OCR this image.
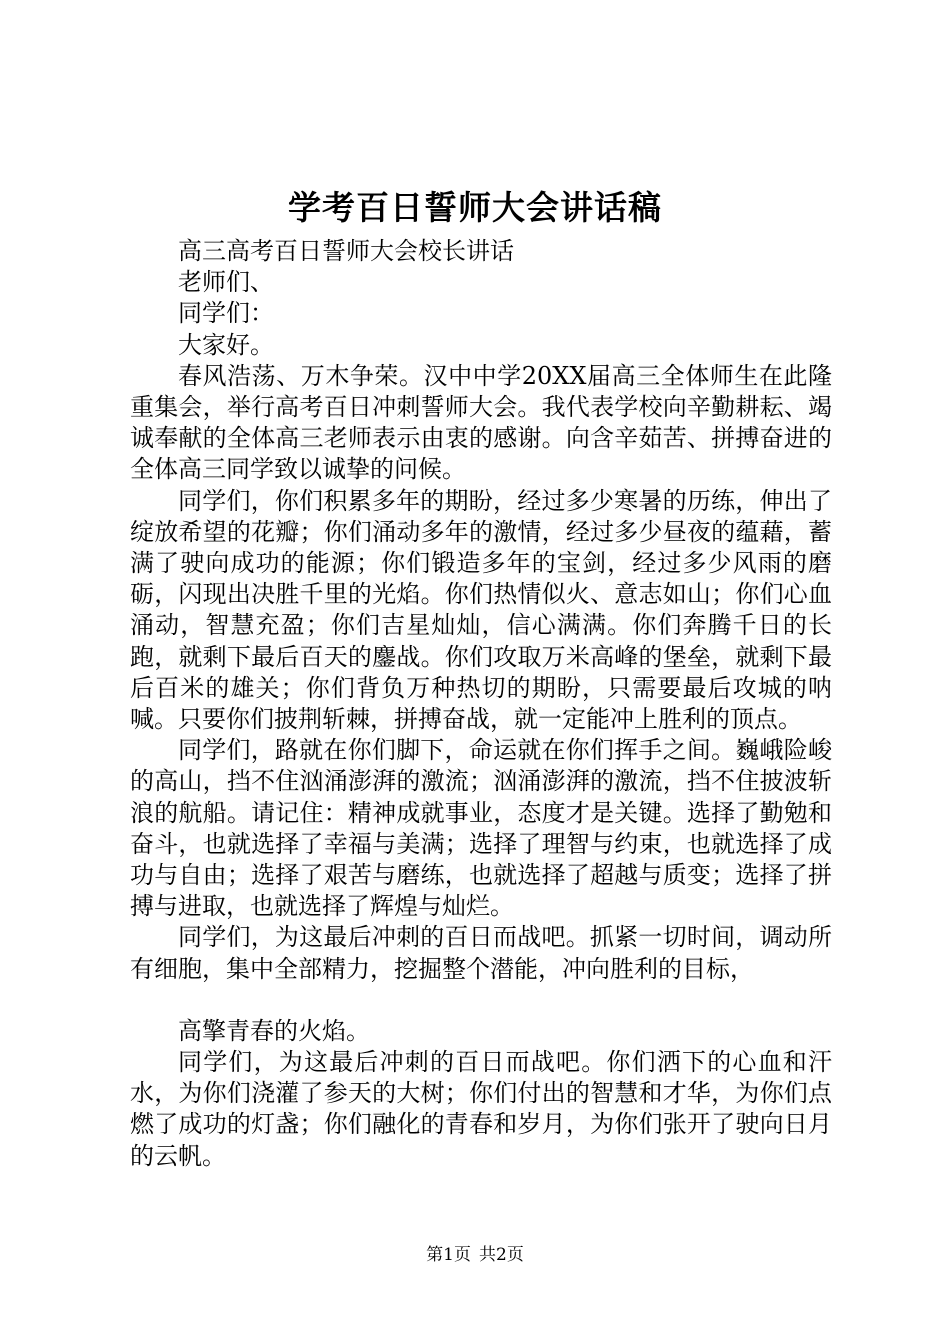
学考百日誓师大会讲话稿

高三高考百日誓师大会校长讲话

老师们、

同学们：

大家好。

春风浩荡、万木争荣。汉中中学20XX届高三全体师生在此隆重集会，举行高考百日冲刺誓师大会。我代表学校向辛勤耕耘、竭诚奉献的全体高三老师表示由衷的感谢。向含辛茹苦、拼搏奋进的全体高三同学致以诚挚的问候。

同学们，你们积累多年的期盼，经过多少寒暑的历练，伸出了绽放希望的花瓣；你们涌动多年的激情，经过多少昼夜的蕴藉，蓄满了驶向成功的能源；你们锻造多年的宝剑，经过多少风雨的磨砺，闪现出决胜千里的光焰。你们热情似火、意志如山；你们心血涌动，智慧充盈；你们吉星灿灿，信心满满。你们奔腾千日的长跑，就剩下最后百天的鏖战。你们攻取万米高峰的堡垒，就剩下最后百米的雄关；你们背负万种热切的期盼，只需要最后攻城的呐喊。只要你们披荆斩棘，拼搏奋战，就一定能冲上胜利的顶点。

同学们，路就在你们脚下，命运就在你们挥手之间。巍峨险峻的高山，挡不住汹涌澎湃的激流；汹涌澎湃的激流，挡不住披波斩浪的航船。请记住：精神成就事业，态度才是关键。选择了勤勉和奋斗，也就选择了幸福与美满；选择了理智与约束，也就选择了成功与自由；选择了艰苦与磨练，也就选择了超越与质变；选择了拼搏与进取，也就选择了辉煌与灿烂。

同学们，为这最后冲刺的百日而战吧。抓紧一切时间，调动所有细胞，集中全部精力，挖掘整个潜能，冲向胜利的目标，

高擎青春的火焰。

同学们，为这最后冲刺的百日而战吧。你们洒下的心血和汗水，为你们浇灌了参天的大树；你们付出的智慧和才华，为你们点燃了成功的灯盏；你们融化的青春和岁月，为你们张开了驶向日月的云帆。

第1页 共2页
